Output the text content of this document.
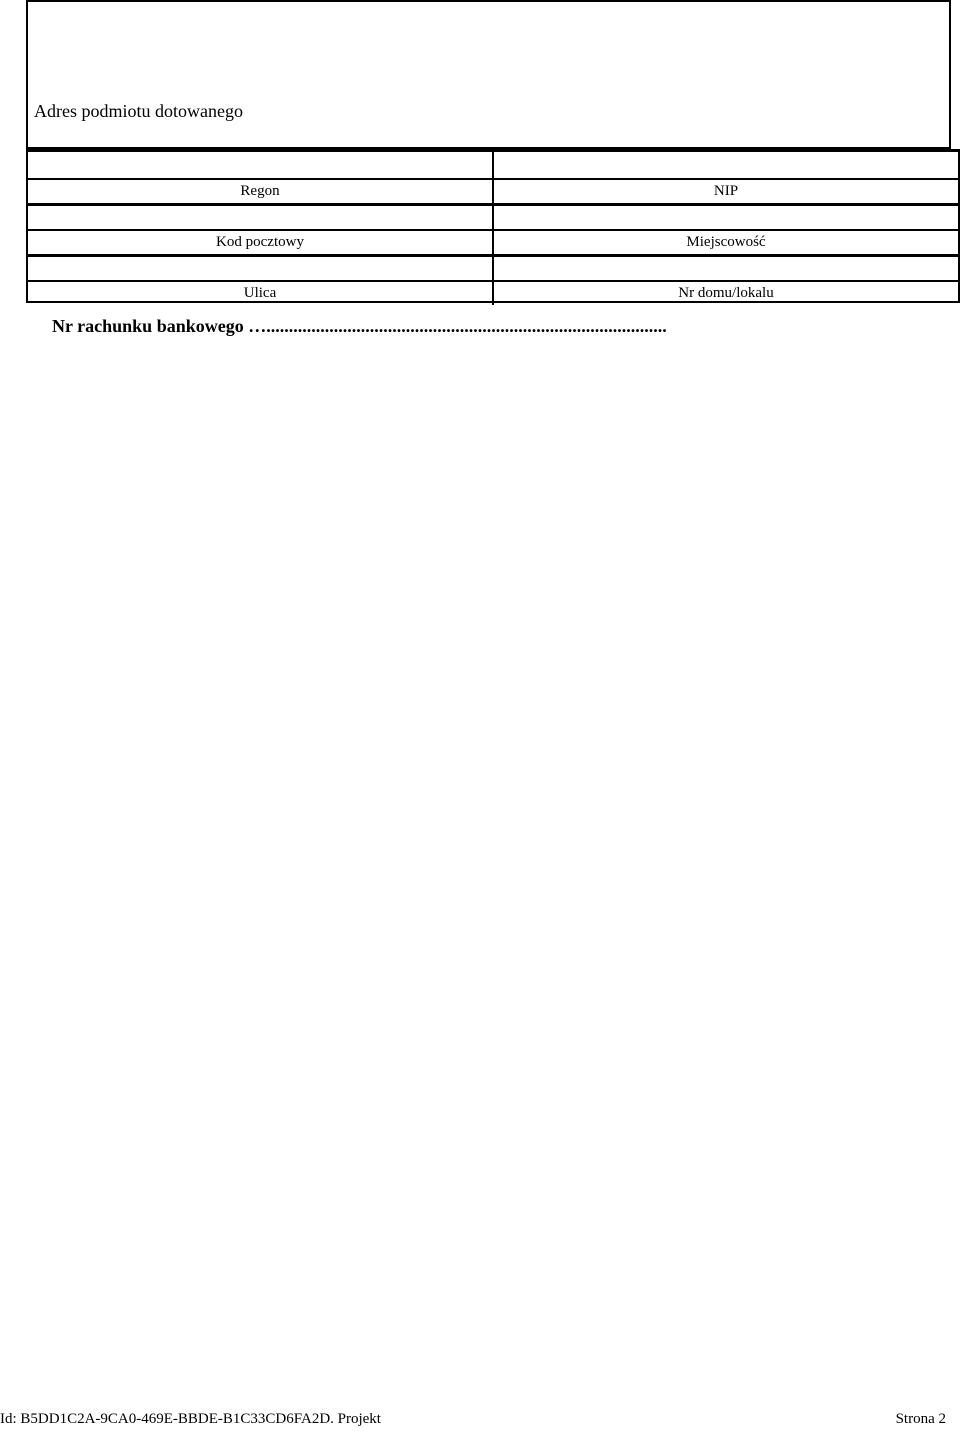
Adres podmiotu dotowanego
Regon	NIP
Kod pocztowy	Miejscowość
Ulica	Nr domu/lokalu
Nr rachunku bankowego ….........................................................................................
Id: B5DD1C2A-9CA0-469E-BBDE-B1C33CD6FA2D. Projekt	Strona 2
